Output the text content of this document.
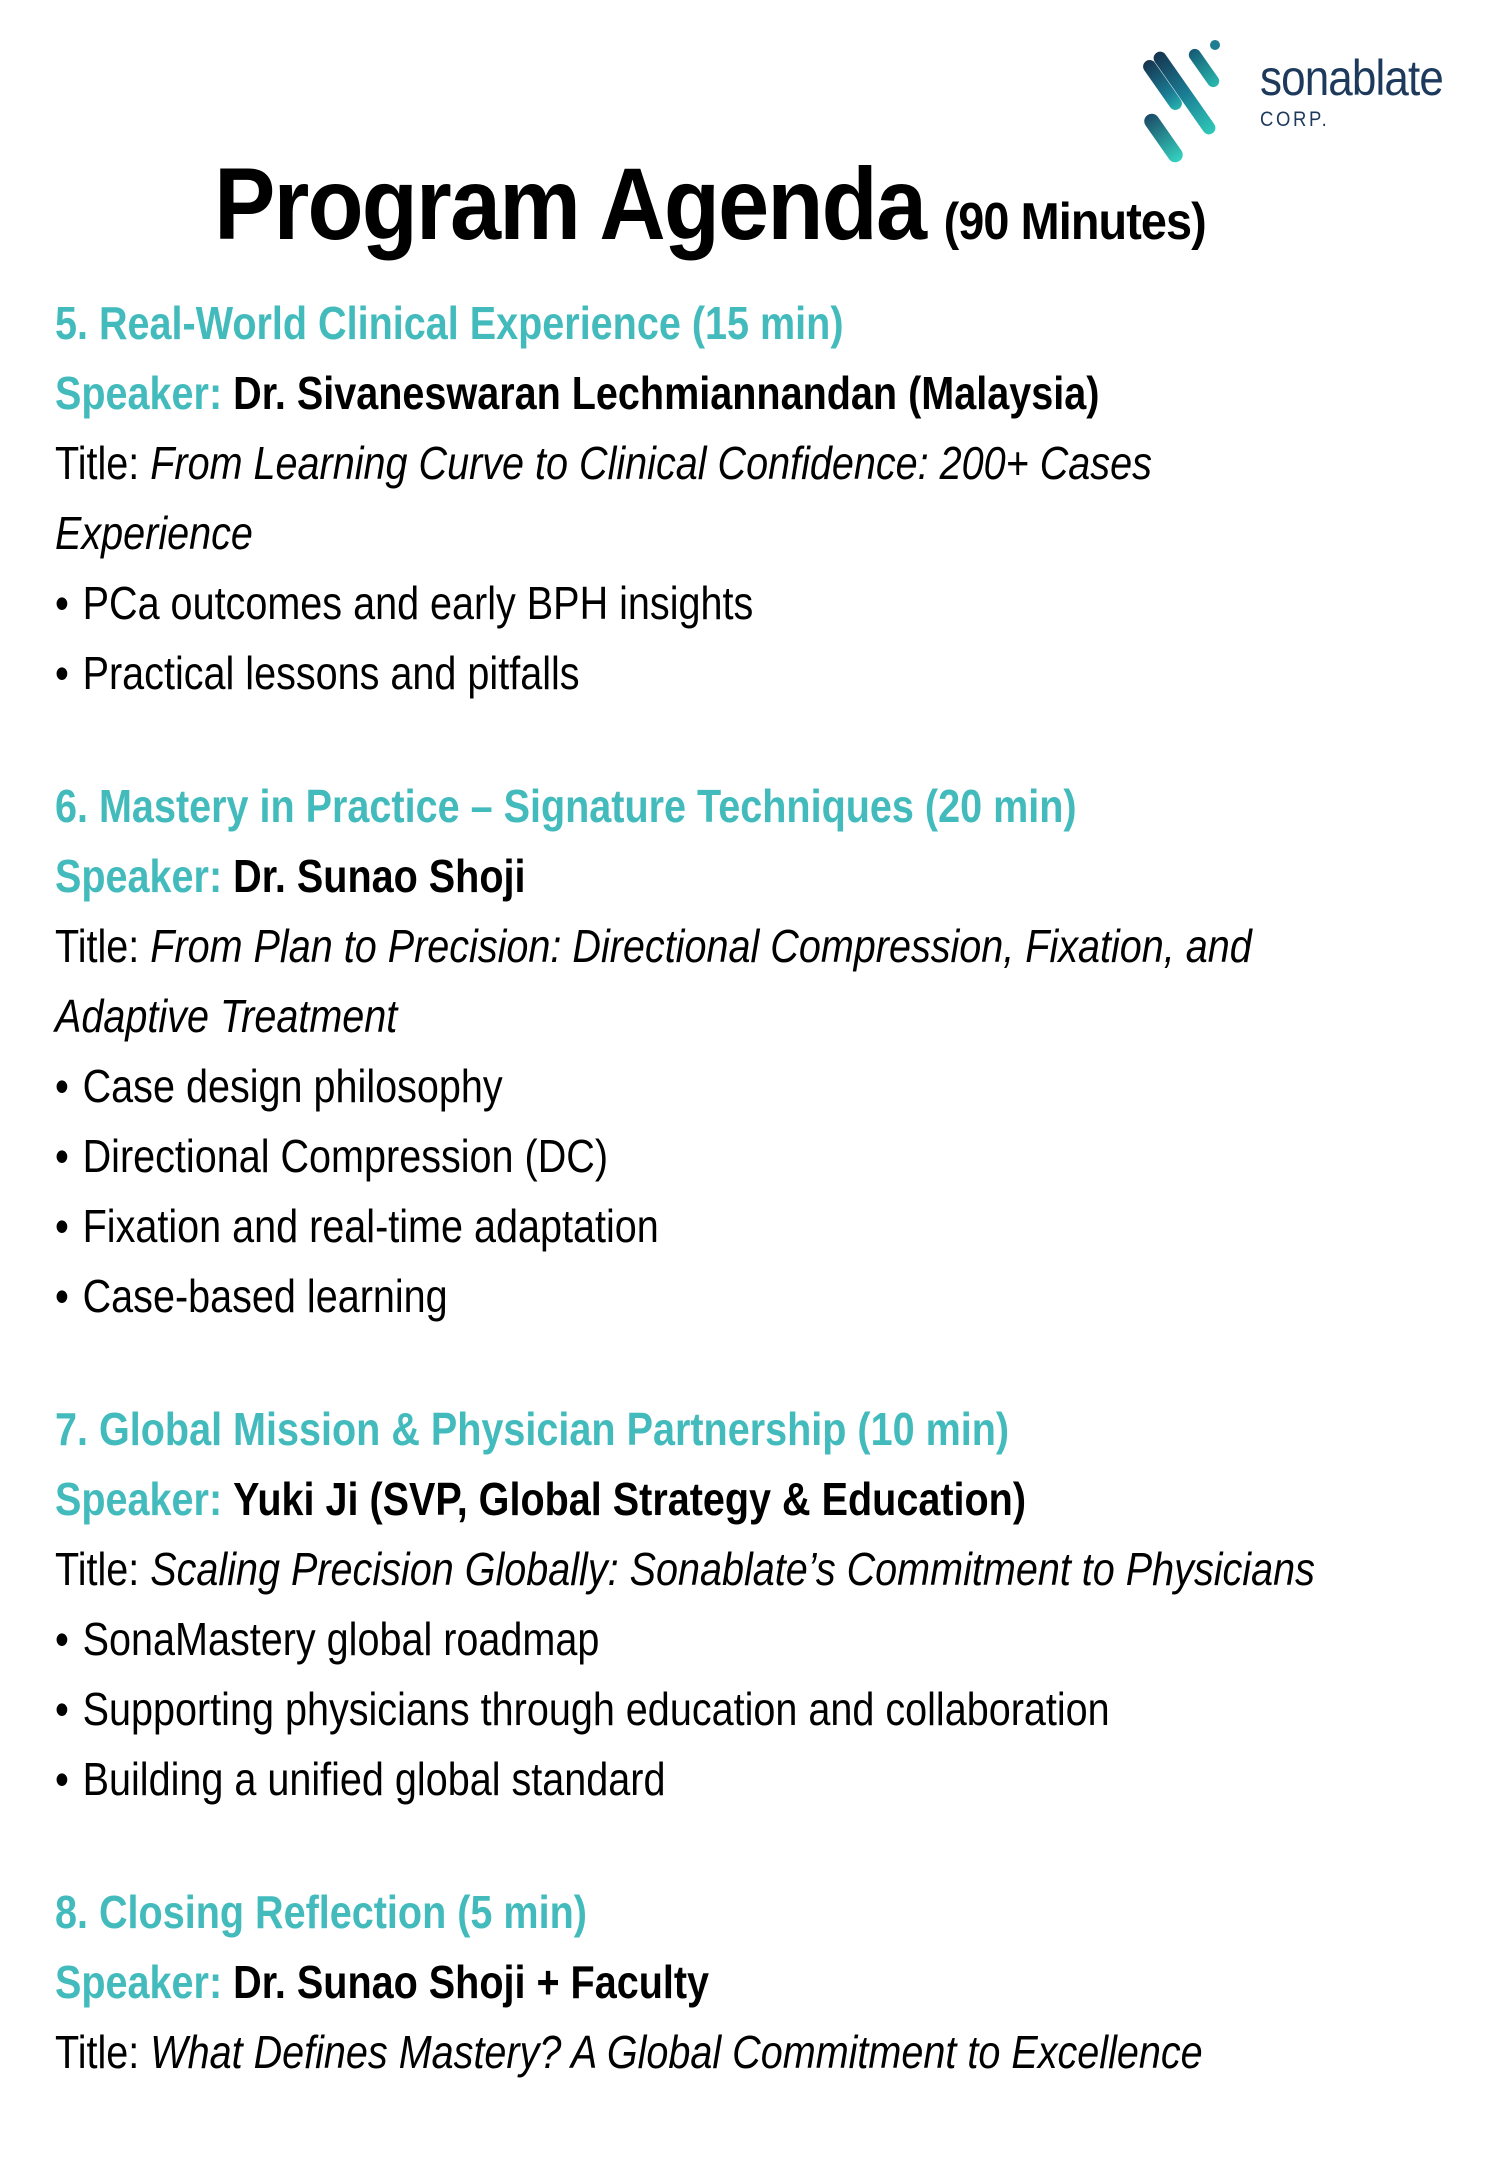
sonablate
CORP.
Program Agenda (90 Minutes)
5. Real-World Clinical Experience (15 min)
Speaker: Dr. Sivaneswaran Lechmiannandan (Malaysia)
Title: From Learning Curve to Clinical Confidence: 200+ Cases
Experience
• PCa outcomes and early BPH insights
• Practical lessons and pitfalls
6. Mastery in Practice – Signature Techniques (20 min)
Speaker: Dr. Sunao Shoji
Title: From Plan to Precision: Directional Compression, Fixation, and
Adaptive Treatment
• Case design philosophy
• Directional Compression (DC)
• Fixation and real-time adaptation
• Case-based learning
7. Global Mission & Physician Partnership (10 min)
Speaker: Yuki Ji (SVP, Global Strategy & Education)
Title: Scaling Precision Globally: Sonablate’s Commitment to Physicians
• SonaMastery global roadmap
• Supporting physicians through education and collaboration
• Building a unified global standard
8. Closing Reflection (5 min)
Speaker: Dr. Sunao Shoji + Faculty
Title: What Defines Mastery? A Global Commitment to Excellence
